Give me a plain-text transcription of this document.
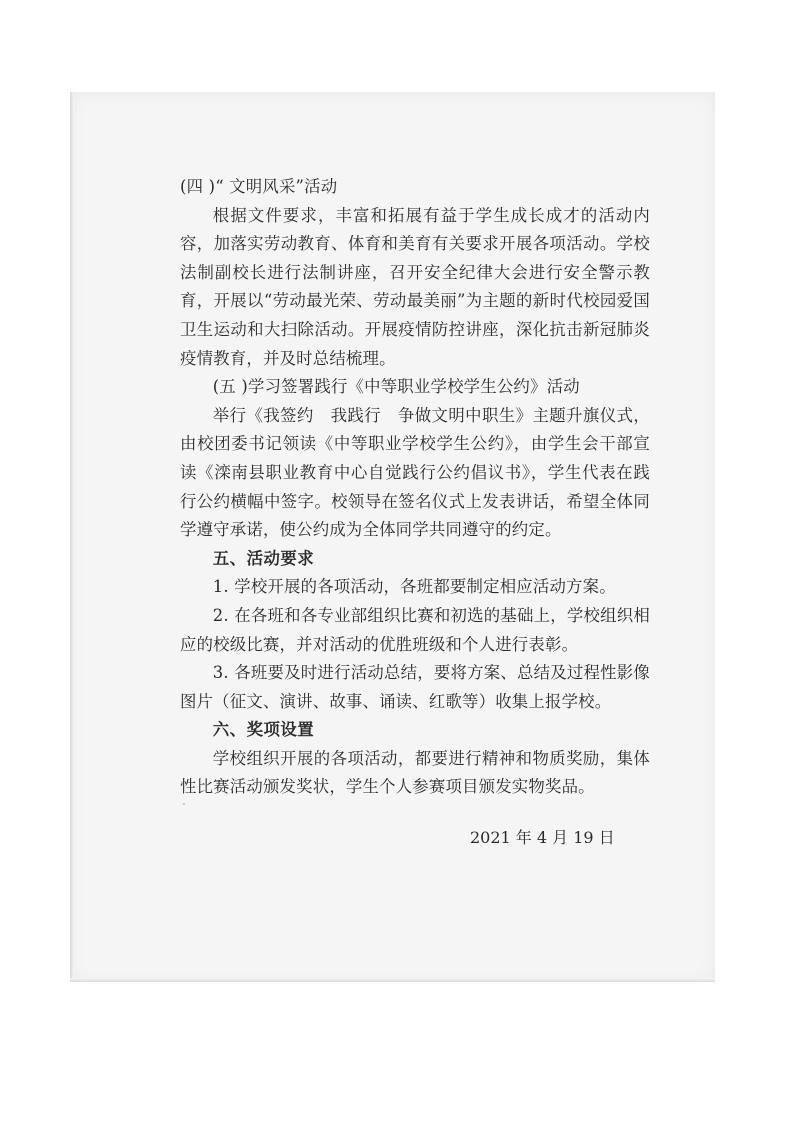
(四 )“ 文明风采”活动

根据文件要求，丰富和拓展有益于学生成长成才的活动内容，加落实劳动教育、体育和美育有关要求开展各项活动。学校法制副校长进行法制讲座，召开安全纪律大会进行安全警示教育，开展以“劳动最光荣、劳动最美丽”为主题的新时代校园爱国卫生运动和大扫除活动。开展疫情防控讲座，深化抗击新冠肺炎疫情教育，并及时总结梳理。

(五 )学习签署践行《中等职业学校学生公约》活动

举行《我签约　我践行　争做文明中职生》主题升旗仪式，由校团委书记领读《中等职业学校学生公约》，由学生会干部宣读《滦南县职业教育中心自觉践行公约倡议书》，学生代表在践行公约横幅中签字。校领导在签名仪式上发表讲话，希望全体同学遵守承诺，使公约成为全体同学共同遵守的约定。

五、活动要求

1. 学校开展的各项活动，各班都要制定相应活动方案。

2. 在各班和各专业部组织比赛和初选的基础上，学校组织相应的校级比赛，并对活动的优胜班级和个人进行表彰。

3. 各班要及时进行活动总结，要将方案、总结及过程性影像图片（征文、演讲、故事、诵读、红歌等）收集上报学校。

六、奖项设置

学校组织开展的各项活动，都要进行精神和物质奖励，集体性比赛活动颁发奖状，学生个人参赛项目颁发实物奖品。

2021 年 4 月 19 日
